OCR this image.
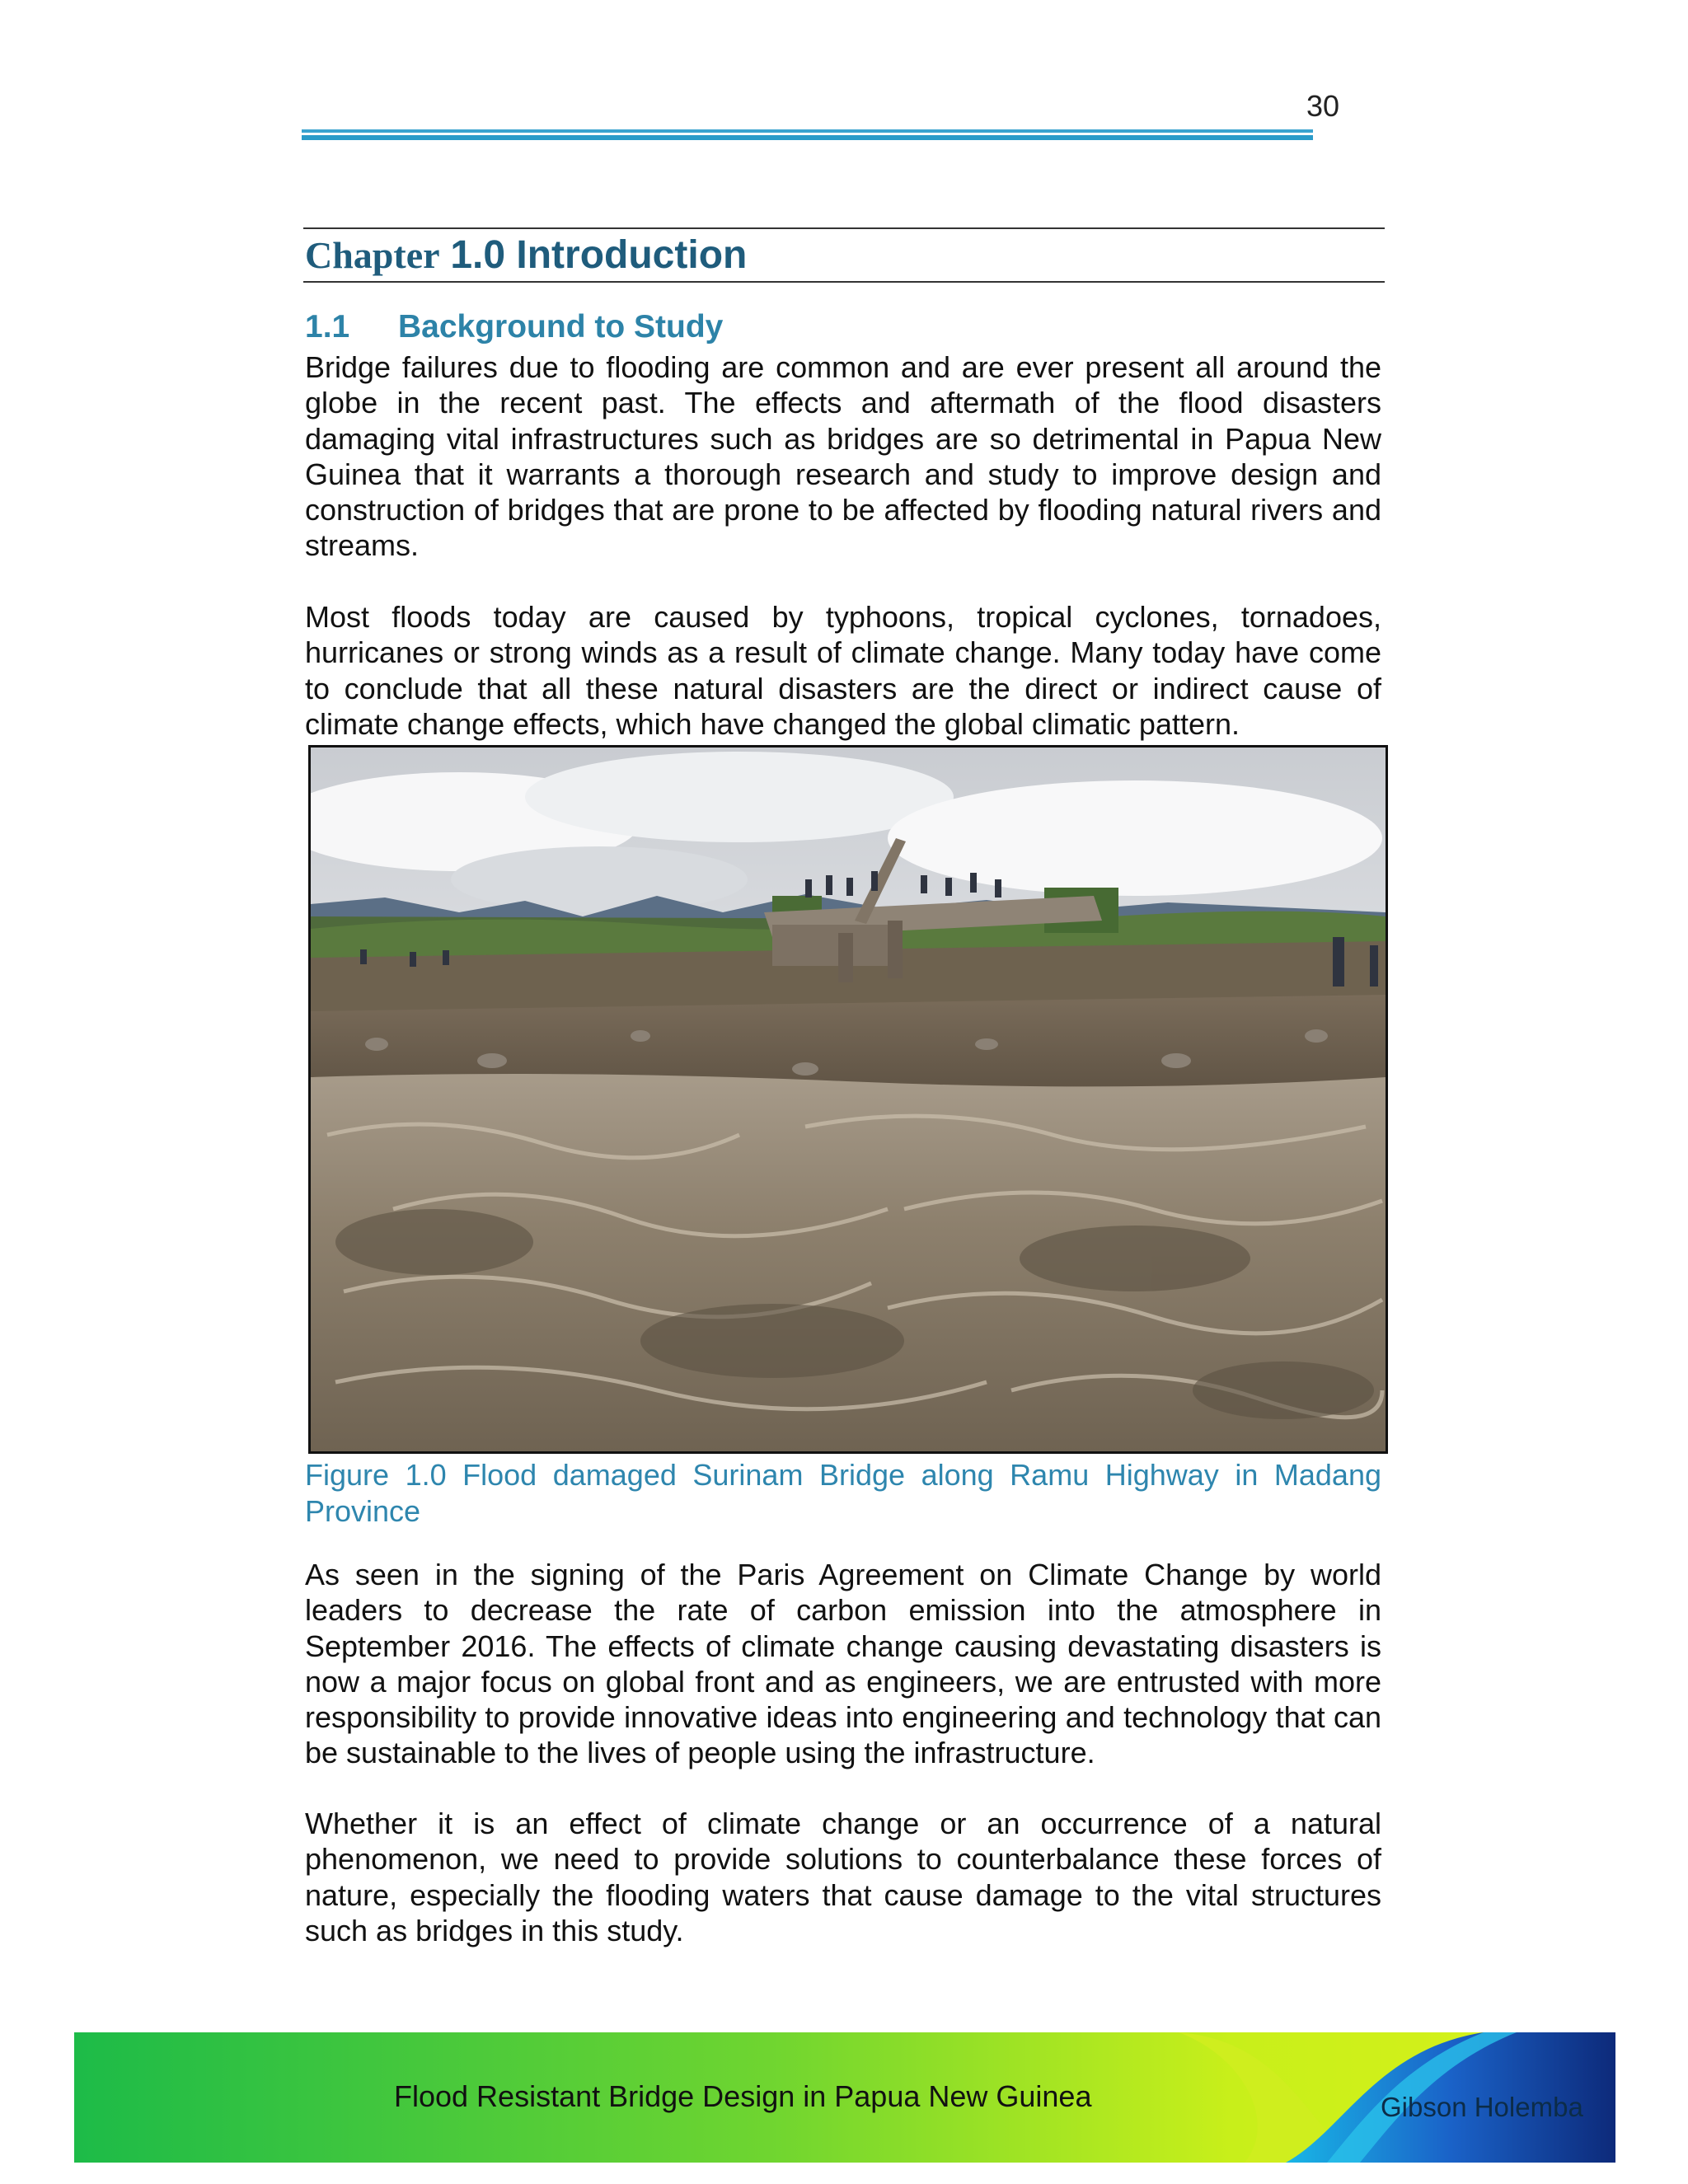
30
Chapter 1.0 Introduction
1.1 Background to Study

Bridge failures due to flooding are common and are ever present all around the globe in the recent past. The effects and aftermath of the flood disasters damaging vital infrastructures such as bridges are so detrimental in Papua New Guinea that it warrants a thorough research and study to improve design and construction of bridges that are prone to be affected by flooding natural rivers and streams.

Most floods today are caused by typhoons, tropical cyclones, tornadoes, hurricanes or strong winds as a result of climate change. Many today have come to conclude that all these natural disasters are the direct or indirect cause of climate change effects, which have changed the global climatic pattern.

Figure 1.0 Flood damaged Surinam Bridge along Ramu Highway in Madang Province

As seen in the signing of the Paris Agreement on Climate Change by world leaders to decrease the rate of carbon emission into the atmosphere in September 2016. The effects of climate change causing devastating disasters is now a major focus on global front and as engineers, we are entrusted with more responsibility to provide innovative ideas into engineering and technology that can be sustainable to the lives of people using the infrastructure.

Whether it is an effect of climate change or an occurrence of a natural phenomenon, we need to provide solutions to counterbalance these forces of nature, especially the flooding waters that cause damage to the vital structures such as bridges in this study.

Flood Resistant Bridge Design in Papua New Guinea	Gibson Holemba
